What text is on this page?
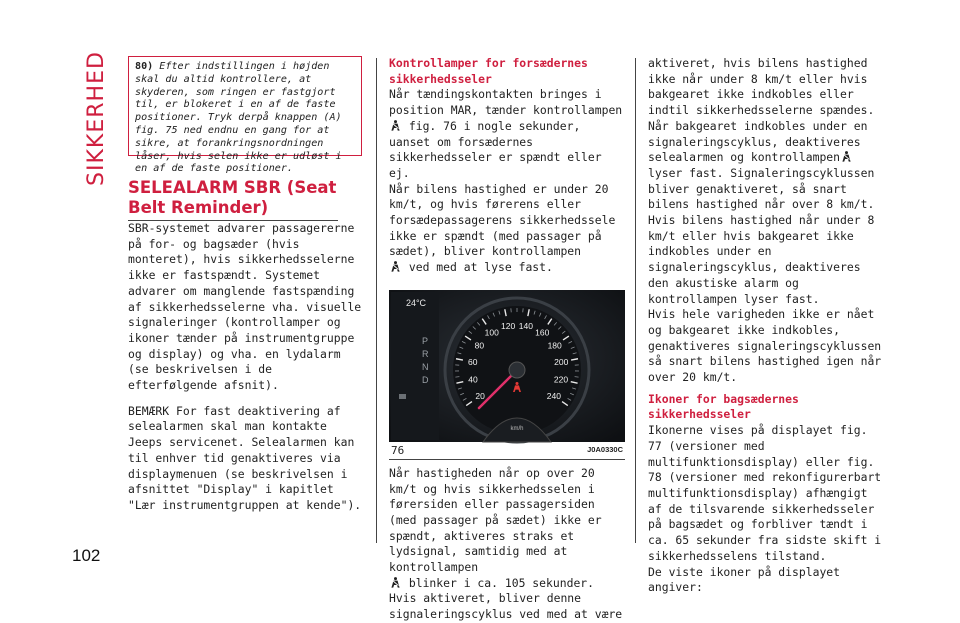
SIKKERHED
102
80) Efter indstillingen i højden skal du altid kontrollere, at skyderen, som ringen er fastgjort til, er blokeret i en af de faste positioner. Tryk derpå knappen (A) fig. 75 ned endnu en gang for at sikre, at forankringsnordningen låser, hvis selen ikke er udløst i en af de faste positioner.
SELEALARM SBR (Seat Belt Reminder)
SBR-systemet advarer passagererne på for- og bagsæder (hvis monteret), hvis sikkerhedsselerne ikke er fastspændt. Systemet advarer om manglende fastspænding af sikkerhedsselerne vha. visuelle signaleringer (kontrollamper og ikoner tænder på instrumentgruppe og display) og vha. en lydalarm (se beskrivelsen i de efterfølgende afsnit).
BEMÆRK For fast deaktivering af selealarmen skal man kontakte Jeeps servicenet. Selealarmen kan til enhver tid genaktiveres via displaymenuen (se beskrivelsen i afsnittet "Display" i kapitlet "Lær instrumentgruppen at kende").
Kontrollamper for forsædernes sikkerhedsseler
Når tændingskontakten bringes i position MAR, tænder kontrollampen fig. 76 i nogle sekunder, uanset om forsædernes sikkerhedsseler er spændt eller ej.
Når bilens hastighed er under 20 km/t, og hvis førerens eller forsædepassagerens sikkerhedssele ikke er spændt (med passager på sædet), bliver kontrollampen
ved med at lyse fast.
24°C
P
R
N
D
20
40
60
80
100
120 140
160
180
200
220
240
km/h
76	J0A0330C
Når hastigheden når op over 20 km/t og hvis sikkerhedsselen i førersiden eller passagersiden (med passager på sædet) ikke er spændt, aktiveres straks et lydsignal, samtidig med at kontrollampen
blinker i ca. 105 sekunder.
Hvis aktiveret, bliver denne signaleringscyklus ved med at være
aktiveret, hvis bilens hastighed ikke når under 8 km/t eller hvis bakgearet ikke indkobles eller indtil sikkerhedsselerne spændes.
Når bakgearet indkobles under en signaleringscyklus, deaktiveres selealarmen og kontrollampen lyser fast. Signaleringscyklussen bliver genaktiveret, så snart bilens hastighed når over 8 km/t.
Hvis bilens hastighed når under 8 km/t eller hvis bakgearet ikke indkobles under en signaleringscyklus, deaktiveres den akustiske alarm og kontrollampen lyser fast.
Hvis hele varigheden ikke er nået og bakgearet ikke indkobles, genaktiveres signaleringscyklussen så snart bilens hastighed igen når over 20 km/t.
Ikoner for bagsædernes sikkerhedsseler
Ikonerne vises på displayet fig. 77 (versioner med multifunktionsdisplay) eller fig. 78 (versioner med rekonfigurerbart multifunktionsdisplay) afhængigt af de tilsvarende sikkerhedsseler på bagsædet og forbliver tændt i ca. 65 sekunder fra sidste skift i sikkerhedsselens tilstand.
De viste ikoner på displayet angiver:
